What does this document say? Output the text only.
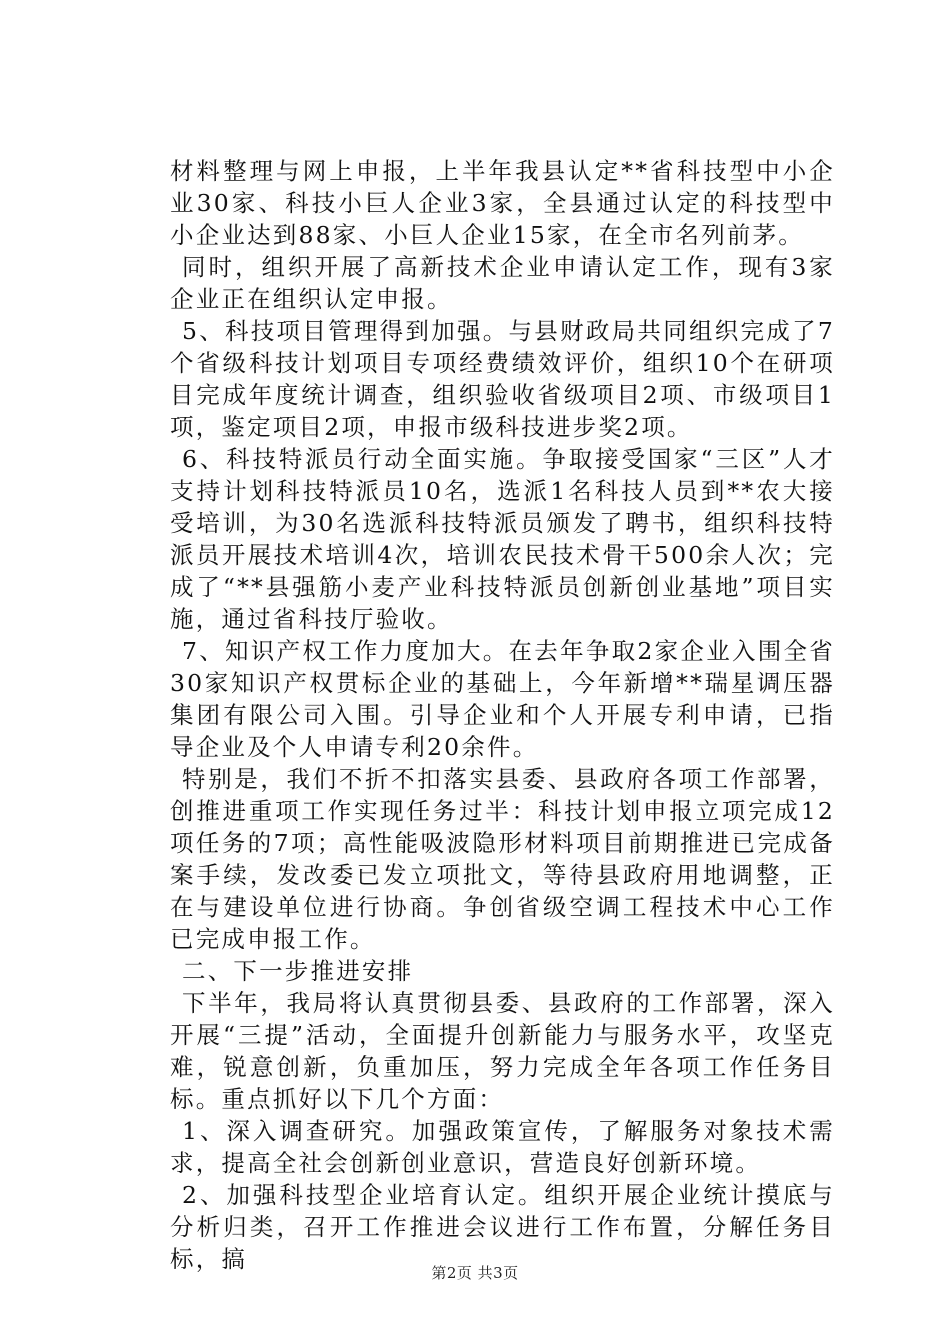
材料整理与网上申报，上半年我县认定**省科技型中小企业30家、科技小巨人企业3家，全县通过认定的科技型中小企业达到88家、小巨人企业15家，在全市名列前茅。

同时，组织开展了高新技术企业申请认定工作，现有3家企业正在组织认定申报。

5、科技项目管理得到加强。与县财政局共同组织完成了7个省级科技计划项目专项经费绩效评价，组织10个在研项目完成年度统计调查，组织验收省级项目2项、市级项目1项，鉴定项目2项，申报市级科技进步奖2项。

6、科技特派员行动全面实施。争取接受国家“三区”人才支持计划科技特派员10名，选派1名科技人员到**农大接受培训，为30名选派科技特派员颁发了聘书，组织科技特派员开展技术培训4次，培训农民技术骨干500余人次；完成了“**县强筋小麦产业科技特派员创新创业基地”项目实施，通过省科技厅验收。

7、知识产权工作力度加大。在去年争取2家企业入围全省30家知识产权贯标企业的基础上，今年新增**瑞星调压器集团有限公司入围。引导企业和个人开展专利申请，已指导企业及个人申请专利20余件。

特别是，我们不折不扣落实县委、县政府各项工作部署，创推进重项工作实现任务过半：科技计划申报立项完成12项任务的7项；高性能吸波隐形材料项目前期推进已完成备案手续，发改委已发立项批文，等待县政府用地调整，正在与建设单位进行协商。争创省级空调工程技术中心工作已完成申报工作。

二、下一步推进安排

下半年，我局将认真贯彻县委、县政府的工作部署，深入开展“三提”活动，全面提升创新能力与服务水平，攻坚克难，锐意创新，负重加压，努力完成全年各项工作任务目标。重点抓好以下几个方面：

1、深入调查研究。加强政策宣传，了解服务对象技术需求，提高全社会创新创业意识，营造良好创新环境。

2、加强科技型企业培育认定。组织开展企业统计摸底与分析归类，召开工作推进会议进行工作布置，分解任务目标，搞	第2页 共3页
